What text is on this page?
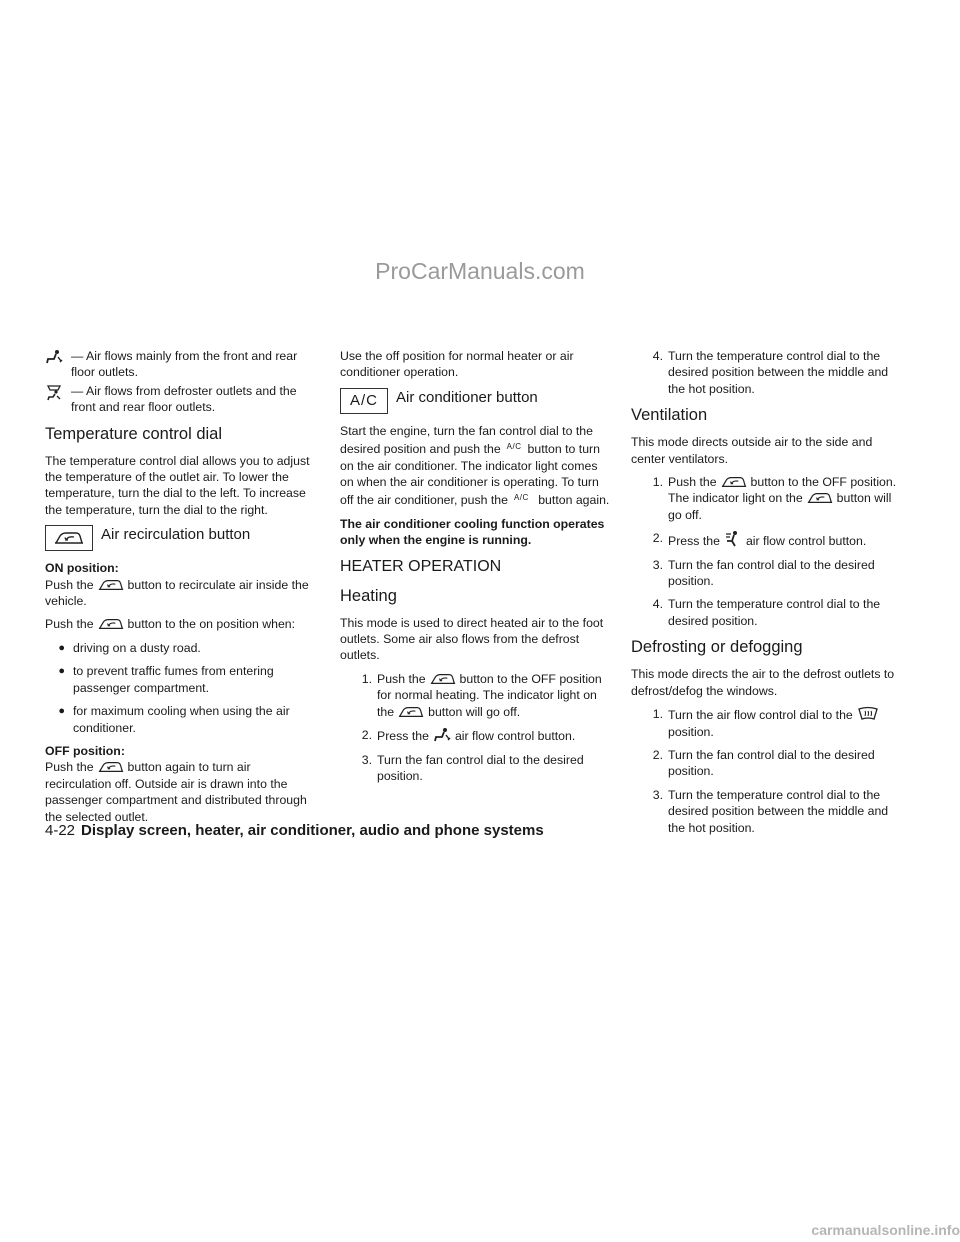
ProCarManuals.com
— Air flows mainly from the front and rear floor outlets.
— Air flows from defroster outlets and the front and rear floor outlets.
Temperature control dial

The temperature control dial allows you to adjust the temperature of the outlet air. To lower the temperature, turn the dial to the left. To increase the temperature, turn the dial to the right.

Air recirculation button
ON position:

Push the	button to recirculate air inside the vehicle.

Push the	button to the on position when:

● driving on a dusty road.
● to prevent traffic fumes from entering passenger compartment.
● for maximum cooling when using the air conditioner.
OFF position:

Push the	button again to turn air recirculation off. Outside air is drawn into the passenger compartment and distributed through the selected outlet.

Use the off position for normal heater or air conditioner operation.

A/C	Air conditioner button

Start the engine, turn the fan control dial to the desired position and push the $^{A/C}$ button to turn on the air conditioner. The indicator light comes on when the air conditioner is operating. To turn off the air conditioner, push the $^{A/C}$ button again.

The air conditioner cooling function operates only when the engine is running.

HEATER OPERATION
Heating

This mode is used to direct heated air to the foot outlets. Some air also flows from the defrost outlets.

1. Push the	button to the OFF position for normal heating. The indicator light on the	button will go off.
2. Press the air flow control button.
3. Turn the fan control dial to the desired position.
4. Turn the temperature control dial to the desired position between the middle and the hot position.
Ventilation

This mode directs outside air to the side and center ventilators.

1. Push the	button to the OFF position. The indicator light on the	button will go off.
2. Press the air flow control button.
3. Turn the fan control dial to the desired position.
4. Turn the temperature control dial to the desired position.
Defrosting or defogging

This mode directs the air to the defrost outlets to defrost/defog the windows.

1. Turn the air flow control dial to theposition.
2. Turn the fan control dial to the desired position.
3. Turn the temperature control dial to the desired position between the middle and the hot position.
4-22 Display screen, heater, air conditioner, audio and phone systems
carmanualsonline.info
